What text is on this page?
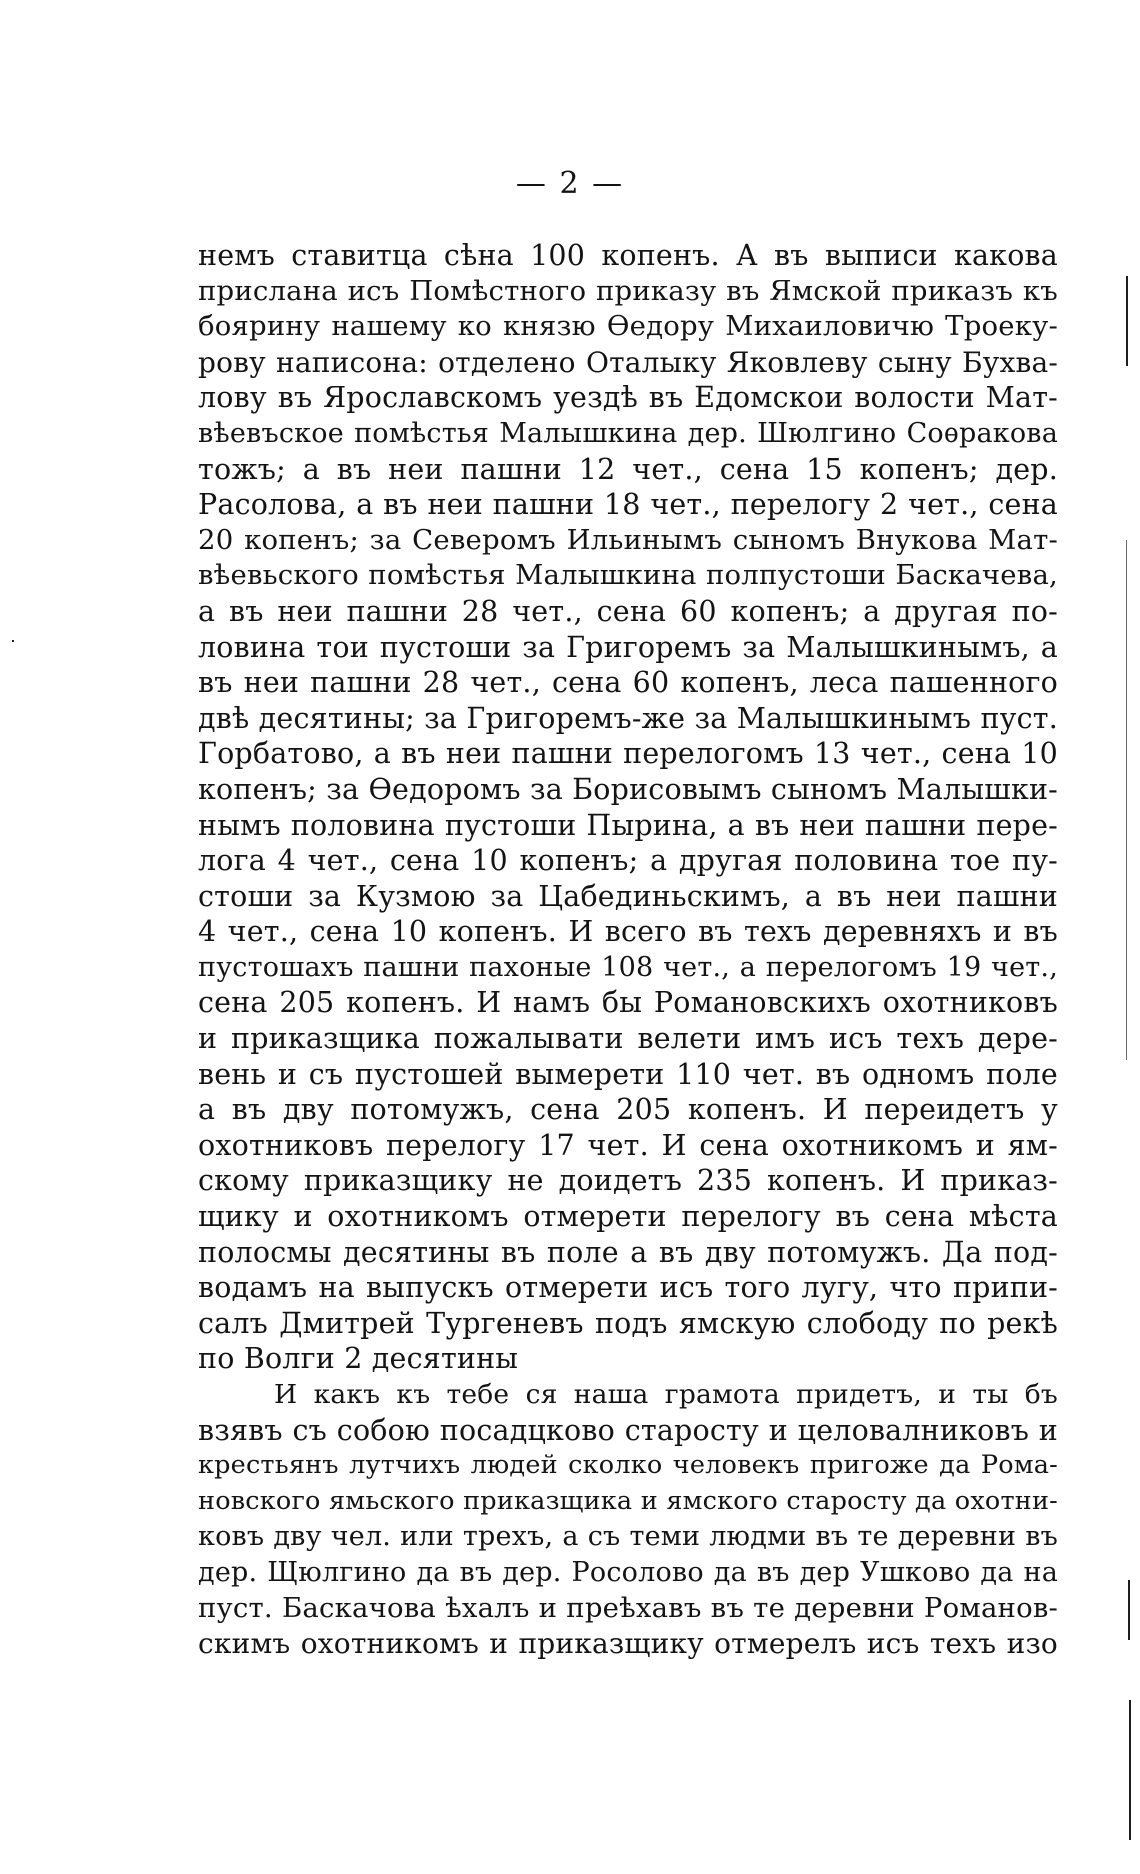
— 2 —
немъ ставитца сѣна 100 копенъ. А въ выписи какова
прислана исъ Помѣстного приказу въ Ямской приказъ къ
боярину нашему ко князю Ѳедору Михаиловичю Троеку-
рову написона: отделено Оталыку Яковлеву сыну Бухва-
лову въ Ярославскомъ уездѣ въ Едомскои волости Мат-
вѣевъское помѣстья Малышкина дер. Шюлгино Соѳракова
тожъ; а въ неи пашни 12 чет., сена 15 копенъ; дер.
Расолова, а въ неи пашни 18 чет., перелогу 2 чет., сена
20 копенъ; за Северомъ Ильинымъ сыномъ Внукова Мат-
вѣевьского помѣстья Малышкина полпустоши Баскачева,
а въ неи пашни 28 чет., сена 60 копенъ; а другая по-
ловина тои пустоши за Григоремъ за Малышкинымъ, а
въ неи пашни 28 чет., сена 60 копенъ, леса пашенного
двѣ десятины; за Григоремъ-же за Малышкинымъ пуст.
Горбатово, а въ неи пашни перелогомъ 13 чет., сена 10
копенъ; за Ѳедоромъ за Борисовымъ сыномъ Малышки-
нымъ половина пустоши Пырина, а въ неи пашни пере-
лога 4 чет., сена 10 копенъ; а другая половина тое пу-
стоши за Кузмою за Цабединьскимъ, а въ неи пашни
4 чет., сена 10 копенъ. И всего въ техъ деревняхъ и въ
пустошахъ пашни пахоные 108 чет., а перелогомъ 19 чет.,
сена 205 копенъ. И намъ бы Романовскихъ охотниковъ
и приказщика пожалывати велети имъ исъ техъ дере-
вень и съ пустошей вымерети 110 чет. въ одномъ поле
а въ дву потомужъ, сена 205 копенъ. И переидетъ у
охотниковъ перелогу 17 чет. И сена охотникомъ и ям-
скому приказщику не доидетъ 235 копенъ. И приказ-
щику и охотникомъ отмерети перелогу въ сена мѣста
полосмы десятины въ поле а въ дву потомужъ. Да под-
водамъ на выпускъ отмерети исъ того лугу, что припи-
салъ Дмитрей Тургеневъ подъ ямскую слободу по рекѣ
по Волги 2 десятины
И какъ къ тебе ся наша грамота придетъ, и ты бъ
взявъ съ собою посадцково старосту и целовалниковъ и
крестьянъ лутчихъ людей сколко человекъ пригоже да Рома-
новского ямьского приказщика и ямского старосту да охотни-
ковъ дву чел. или трехъ, а съ теми людми въ те деревни въ
дер. Щюлгино да въ дер. Росолово да въ дер Ушково да на
пуст. Баскачова ѣхалъ и преѣхавъ въ те деревни Романов-
скимъ охотникомъ и приказщику отмерелъ исъ техъ изо
